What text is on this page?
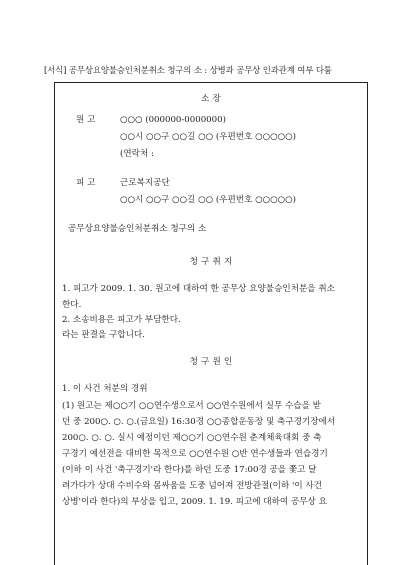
[서식] 공무상요양불승인처분취소 청구의 소 : 상병과 공무상 인과관계 여부 다툼
소 장
원 고	○○○ (000000-0000000)
○○시 ○○구 ○○길 ○○ (우편번호 ○○○○○)
(연락처 :
피 고	근로복지공단
○○시 ○○구 ○○길 ○○ (우편번호 ○○○○○)
공무상요양불승인처분취소 청구의 소
청 구 취 지
1. 피고가 2009. 1. 30. 원고에 대하여 한 공무상 요양불승인처분을 취소
한다.
2. 소송비용은 피고가 부담한다.
라는 판결을 구합니다.
청 구 원 인
1. 이 사건 처분의 경위
(1) 원고는 제○○기 ○○연수생으로서 ○○연수원에서 실무 수습을 받
던 중 200○. ○. ○.(금요일) 16:30경 ○○종합운동장 및 축구경기장에서
200○. ○. ○. 실시 예정이던 제○○기 ○○연수원 춘계체육대회 중 축
구경기 예선전을 대비한 목적으로 ○○연수원 ○반 연수생들과 연습경기
(이하 이 사건 '축구경기'라 한다)를 하던 도중 17:00경 공을 쫓고 달
려가다가 상대 수비수와 몸싸움을 도중 넘어져 전방관절(이하 '이 사건
상병'이라 한다)의 부상을 입고, 2009. 1. 19. 피고에 대하여 공무상 요
